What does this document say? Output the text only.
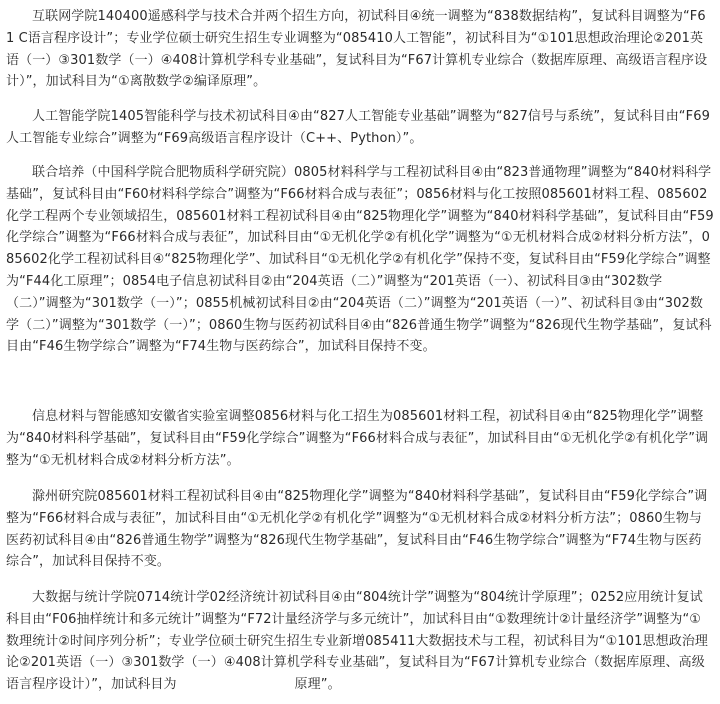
互联网学院140400遥感科学与技术合并两个招生方向，初试科目④统一调整为“838数据结构”，复试科目调整为“F61 C语言程序设计”；专业学位硕士研究生招生专业调整为“085410人工智能”，初试科目为“①101思想政治理论②201英语（一）③301数学（一）④408计算机学科专业基础”，复试科目为“F67计算机专业综合（数据库原理、高级语言程序设计）”，加试科目为“①离散数学②编译原理”。

人工智能学院1405智能科学与技术初试科目④由“827人工智能专业基础”调整为“827信号与系统”，复试科目由“F69人工智能专业综合”调整为“F69高级语言程序设计（C++、Python）”。

联合培养（中国科学院合肥物质科学研究院）0805材料科学与工程初试科目④由“823普通物理”调整为“840材料科学基础”，复试科目由“F60材料科学综合”调整为“F66材料合成与表征”；0856材料与化工按照085601材料工程、085602化学工程两个专业领域招生，085601材料工程初试科目④由“825物理化学”调整为“840材料科学基础”，复试科目由“F59化学综合”调整为“F66材料合成与表征”，加试科目由“①无机化学②有机化学”调整为“①无机材料合成②材料分析方法”，085602化学工程初试科目④“825物理化学”、加试科目“①无机化学②有机化学”保持不变，复试科目由“F59化学综合”调整为“F44化工原理”；0854电子信息初试科目②由“204英语（二）”调整为“201英语（一）、初试科目③由“302数学（二）”调整为“301数学（一）”；0855机械初试科目②由“204英语（二）”调整为“201英语（一）”、初试科目③由“302数学（二）”调整为“301数学（一）”；0860生物与医药初试科目④由“826普通生物学”调整为“826现代生物学基础”，复试科目由“F46生物学综合”调整为“F74生物与医药综合”，加试科目保持不变。

信息材料与智能感知安徽省实验室调整0856材料与化工招生为085601材料工程，初试科目④由“825物理化学”调整为“840材料科学基础”，复试科目由“F59化学综合”调整为“F66材料合成与表征”，加试科目由“①无机化学②有机化学”调整为“①无机材料合成②材料分析方法”。

滁州研究院085601材料工程初试科目④由“825物理化学”调整为“840材料科学基础”，复试科目由“F59化学综合”调整为“F66材料合成与表征”，加试科目由“①无机化学②有机化学”调整为“①无机材料合成②材料分析方法”；0860生物与医药初试科目④由“826普通生物学”调整为“826现代生物学基础”，复试科目由“F46生物学综合”调整为“F74生物与医药综合”，加试科目保持不变。

大数据与统计学院0714统计学02经济统计初试科目④由“804统计学”调整为“804统计学原理”；0252应用统计复试科目由“F06抽样统计和多元统计”调整为“F72计量经济学与多元统计”，加试科目由“①数理统计②计量经济学”调整为“①数理统计②时间序列分析”；专业学位硕士研究生招生专业新增085411大数据技术与工程，初试科目为“①101思想政治理论②201英语（一）③301数学（一）④408计算机学科专业基础”，复试科目为“F67计算机专业综合（数据库原理、高级语言程序设计）”，加试科目为　　　　　　　　　原理”。
